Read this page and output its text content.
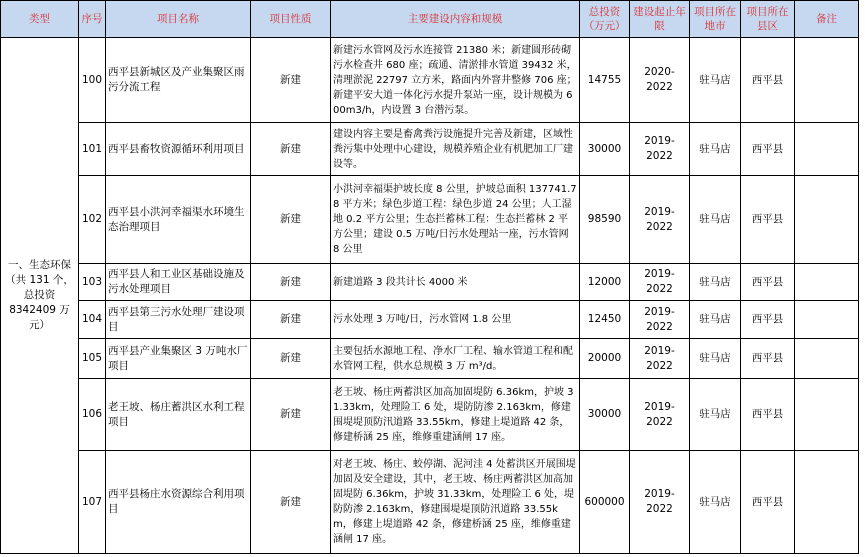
类型	序号	项目名称	项目性质	主要建设内容和规模	总投资（万元）	建设起止年限	项目所在地市	项目所在县区	备注
一、生态环保（共 131 个，总投资 8342409 万元）	100	西平县新城区及产业集聚区雨污分流工程	新建	新建污水管网及污水连接管 21380 米；新建圆形砖砌污水检查井 680 座；疏通、清淤排水管道 39432 米，清理淤泥 22797 立方米，路面内外窨井整修 706 座；新建平安大道一体化污水提升泵站一座，设计规模为 600m3/h，内设置 3 台潜污泵。	14755	2020-2022	驻马店	西平县	
	101	西平县畜牧资源循环利用项目	新建	建设内容主要是畜禽粪污设施提升完善及新建，区域性粪污集中处理中心建设，规模养殖企业有机肥加工厂建设等。	30000	2019-2022	驻马店	西平县	
	102	西平县小洪河幸福渠水环境生态治理项目	新建	小洪河幸福渠护坡长度 8 公里，护坡总面积 137741.78 平方米；绿色步道工程：绿色步道 24 公里；人工湿地 0.2 平方公里；生态拦蓄林工程：生态拦蓄林 2 平方公里；建设 0.5 万吨/日污水处理站一座，污水管网 8 公里	98590	2019-2022	驻马店	西平县	
	103	西平县人和工业区基础设施及污水处理项目	新建	新建道路 3 段共计长 4000 米	12000	2019-2022	驻马店	西平县	
	104	西平县第三污水处理厂建设项目	新建	污水处理 3 万吨/日，污水管网 1.8 公里	12450	2019-2022	驻马店	西平县	
	105	西平县产业集聚区 3 万吨水厂项目	新建	主要包括水源地工程、净水厂工程、输水管道工程和配水管网工程，供水总规模 3 万 m³/d。	20000	2019-2022	驻马店	西平县	
	106	老王坡、杨庄蓄洪区水利工程项目	新建	老王坡、杨庄两蓄洪区加高加固堤防 6.36km，护坡 31.33km，处理险工 6 处，堤防防渗 2.163km，修建围堤堤顶防汛道路 33.55km，修建上堤道路 42 条，修建桥涵 25 座，维修重建涵闸 17 座。	30000	2019-2022	驻马店	西平县	
	107	西平县杨庄水资源综合利用项目	新建	对老王坡、杨庄、蛟停湖、泥河洼 4 处蓄洪区开展围堤加固及安全建设，其中，老王坡、杨庄两蓄洪区加高加固堤防 6.36km，护坡 31.33km，处理险工 6 处，堤防防渗 2.163km，修建围堤堤顶防汛道路 33.55km，修建上堤道路 42 条，修建桥涵 25 座，维修重建涵闸 17 座。	600000	2019-2022	驻马店	西平县	
